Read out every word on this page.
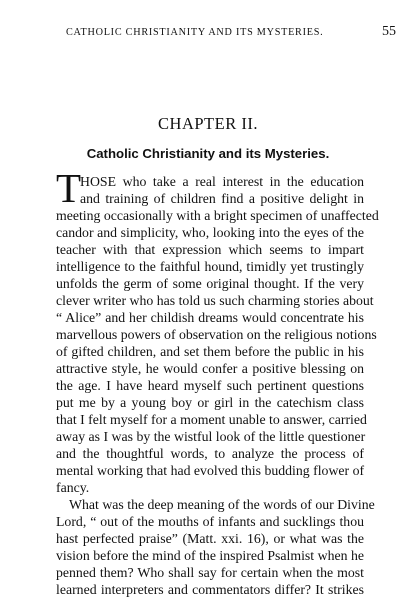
CATHOLIC CHRISTIANITY AND ITS MYSTERIES.	55
CHAPTER II.
Catholic Christianity and its Mysteries.
T
HOSE who take a real interest in the education
and training of children find a positive delight in
meeting occasionally with a bright specimen of unaffected
candor and simplicity, who, looking into the eyes of the
teacher with that expression which seems to impart
intelligence to the faithful hound, timidly yet trustingly
unfolds the germ of some original thought. If the very
clever writer who has told us such charming stories about
“ Alice” and her childish dreams would concentrate his
marvellous powers of observation on the religious notions
of gifted children, and set them before the public in his
attractive style, he would confer a positive blessing on
the age. I have heard myself such pertinent questions
put me by a young boy or girl in the catechism class
that I felt myself for a moment unable to answer, carried
away as I was by the wistful look of the little questioner
and the thoughtful words, to analyze the process of
mental working that had evolved this budding flower of
fancy.
What was the deep meaning of the words of our Divine
Lord, “ out of the mouths of infants and sucklings thou
hast perfected praise” (Matt. xxi. 16), or what was the
vision before the mind of the inspired Psalmist when he
penned them? Who shall say for certain when the most
learned interpreters and commentators differ? It strikes
